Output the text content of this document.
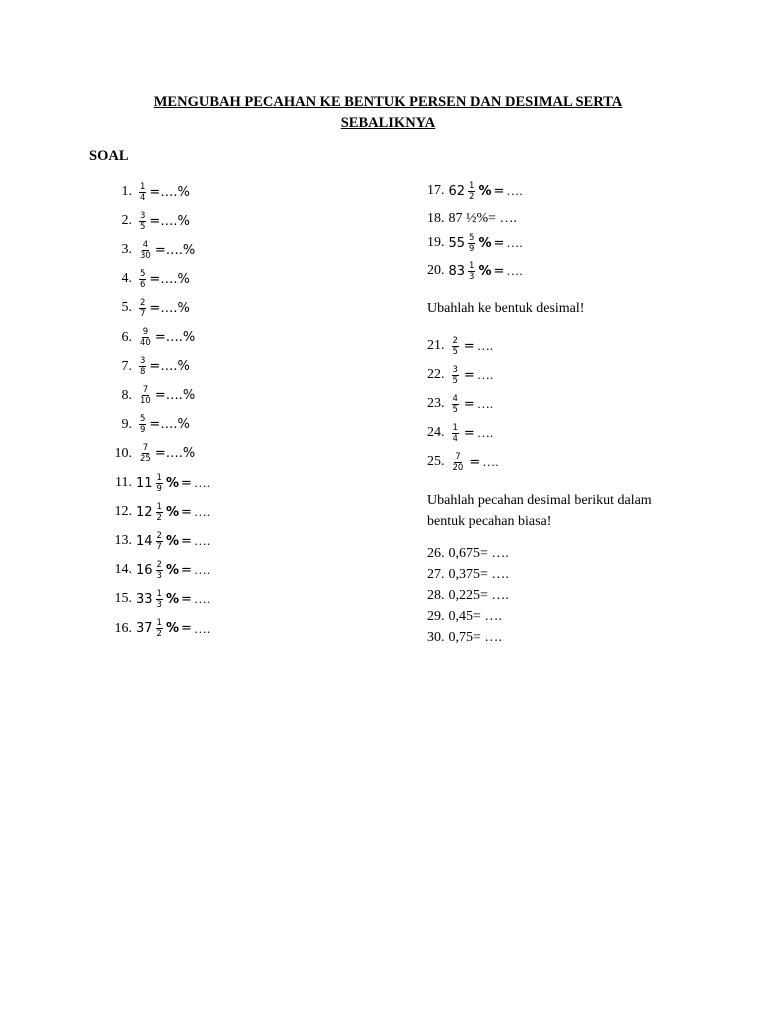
MENGUBAH PECAHAN KE BENTUK PERSEN DAN DESIMAL SERTA
SEBALIKNYA
SOAL
1. $\frac{1}{4}$ =….%
2. $\frac{3}{5}$ =….%
3. $\frac{4}{30}$ =….%
4. $\frac{5}{6}$ =….%
5. $\frac{2}{7}$ =….%
6. $\frac{9}{40}$ =….%
7. $\frac{3}{8}$ =….%
8. $\frac{7}{10}$ =….%
9. $\frac{5}{9}$ =….%
10. $\frac{7}{25}$ =….%
11. $11 \frac{1}{9}$ % = ….
12. $12 \frac{1}{2}$ % = ….
13. $14 \frac{2}{7}$ % = ….
14. $16 \frac{2}{3}$ % = ….
15. $33 \frac{1}{3}$ % = ….
16. $37 \frac{1}{2}$ % = ….
17. $62 \frac{1}{2}$ % = ….
18. 87 ½%= ….
19. $55 \frac{5}{9}$ % = ….
20. $83 \frac{1}{3}$ % = ….
21. $\frac{2}{5}$ = ….
22. $\frac{3}{5}$ = ….
23. $\frac{4}{5}$ = ….
24. $\frac{1}{4}$ = ….
25. $\frac{7}{20}$ = ….
26. 0,675= ….
27. 0,375= ….
28. 0,225= ….
29. 0,45= ….
30. 0,75= ….
Ubahlah ke bentuk desimal!
Ubahlah pecahan desimal berikut dalam
bentuk pecahan biasa!
